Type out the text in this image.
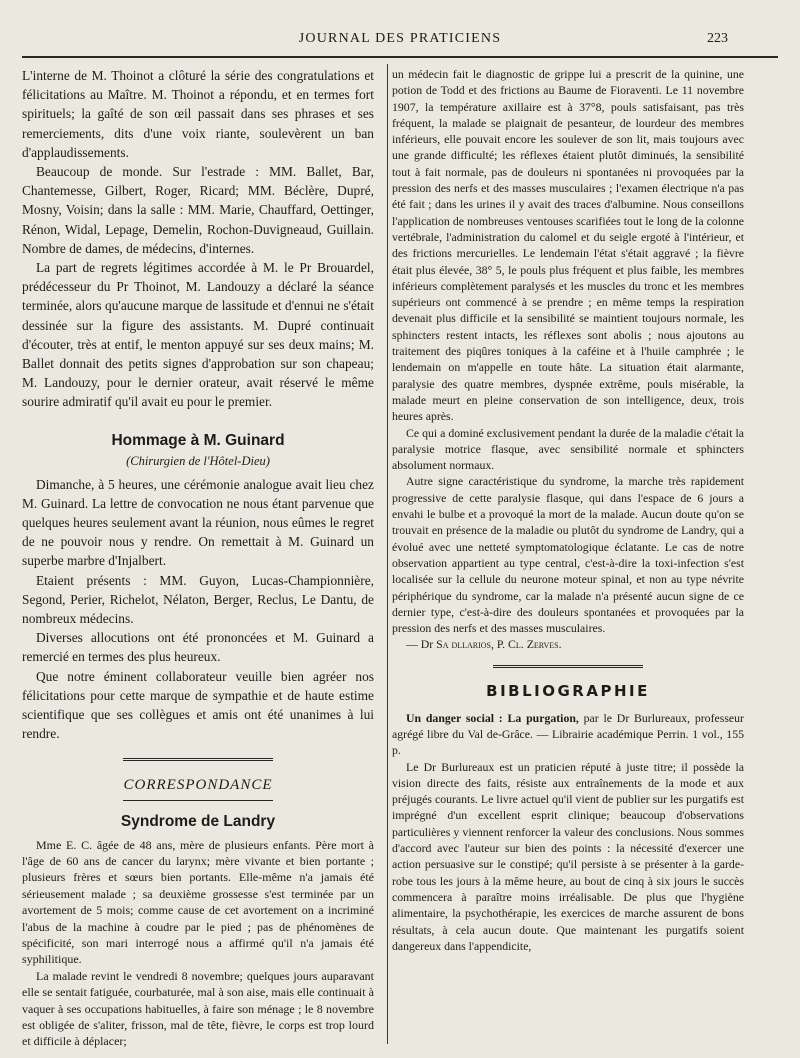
JOURNAL DES PRATICIENS	223

L'interne de M. Thoinot a clôturé la série des congratulations et félicitations au Maître. M. Thoinot a répondu, et en termes fort spirituels; la gaîté de son œil passait dans ses phrases et ses remerciements, dits d'une voix riante, soulevèrent un ban d'applaudissements.

Beaucoup de monde. Sur l'estrade : MM. Ballet, Bar, Chantemesse, Gilbert, Roger, Ricard; MM. Béclère, Dupré, Mosny, Voisin; dans la salle : MM. Marie, Chauffard, Oettinger, Rénon, Widal, Lepage, Demelin, Rochon-Duvigneaud, Guillain. Nombre de dames, de médecins, d'internes.

La part de regrets légitimes accordée à M. le Pr Brouardel, prédécesseur du Pr Thoinot, M. Landouzy a déclaré la séance terminée, alors qu'aucune marque de lassitude et d'ennui ne s'était dessinée sur la figure des assistants. M. Dupré continuait d'écouter, très at entif, le menton appuyé sur ses deux mains; M. Ballet donnait des petits signes d'approbation sur son chapeau; M. Landouzy, pour le dernier orateur, avait réservé le même sourire admiratif qu'il avait eu pour le premier.

Hommage à M. Guinard
(Chirurgien de l'Hôtel-Dieu)

Dimanche, à 5 heures, une cérémonie analogue avait lieu chez M. Guinard. La lettre de convocation ne nous étant parvenue que quelques heures seulement avant la réunion, nous eûmes le regret de ne pouvoir nous y rendre. On remettait à M. Guinard un superbe marbre d'Injalbert.

Etaient présents : MM. Guyon, Lucas-Championnière, Segond, Perier, Richelot, Nélaton, Berger, Reclus, Le Dantu, de nombreux médecins.

Diverses allocutions ont été prononcées et M. Guinard a remercié en termes des plus heureux.

Que notre éminent collaborateur veuille bien agréer nos félicitations pour cette marque de sympathie et de haute estime scientifique que ses collègues et amis ont été unanimes à lui rendre.

CORRESPONDANCE
Syndrome de Landry

Mme E. C. âgée de 48 ans, mère de plusieurs enfants. Père mort à l'âge de 60 ans de cancer du larynx; mère vivante et bien portante ; plusieurs frères et sœurs bien portants. Elle-même n'a jamais été sérieusement malade ; sa deuxième grossesse s'est terminée par un avortement de 5 mois; comme cause de cet avortement on a incriminé l'abus de la machine à coudre par le pied ; pas de phénomènes de spécificité, son mari interrogé nous a affirmé qu'il n'a jamais été syphilitique.

La malade revint le vendredi 8 novembre; quelques jours auparavant elle se sentait fatiguée, courbaturée, mal à son aise, mais elle continuait à vaquer à ses occupations habituelles, à faire son ménage ; le 8 novembre est obligée de s'aliter, frisson, mal de tête, fièvre, le corps est trop lourd et difficile à déplacer;

un médecin fait le diagnostic de grippe lui a prescrit de la quinine, une potion de Todd et des frictions au Baume de Fioraventi. Le 11 novembre 1907, la température axillaire est à 37°8, pouls satisfaisant, pas très fréquent, la malade se plaignait de pesanteur, de lourdeur des membres inférieurs, elle pouvait encore les soulever de son lit, mais toujours avec une grande difficulté; les réflexes étaient plutôt diminués, la sensibilité tout à fait normale, pas de douleurs ni spontanées ni provoquées par la pression des nerfs et des masses musculaires ; l'examen électrique n'a pas été fait ; dans les urines il y avait des traces d'albumine. Nous conseillons l'application de nombreuses ventouses scarifiées tout le long de la colonne vertébrale, l'administration du calomel et du seigle ergoté à l'intérieur, et des frictions mercurielles. Le lendemain l'état s'était aggravé ; la fièvre était plus élevée, 38° 5, le pouls plus fréquent et plus faible, les membres inférieurs complètement paralysés et les muscles du tronc et les membres supérieurs ont commencé à se prendre ; en même temps la respiration devenait plus difficile et la sensibilité se maintient toujours normale, les sphincters restent intacts, les réflexes sont abolis ; nous ajoutons au traitement des piqûres toniques à la caféine et à l'huile camphrée ; le lendemain on m'appelle en toute hâte. La situation était alarmante, paralysie des quatre membres, dyspnée extrême, pouls misérable, la malade meurt en pleine conservation de son intelligence, deux, trois heures après.

Ce qui a dominé exclusivement pendant la durée de la maladie c'était la paralysie motrice flasque, avec sensibilité normale et sphincters absolument normaux.

Autre signe caractéristique du syndrome, la marche très rapidement progressive de cette paralysie flasque, qui dans l'espace de 6 jours a envahi le bulbe et a provoqué la mort de la malade. Aucun doute qu'on se trouvait en présence de la maladie ou plutôt du syndrome de Landry, qui a évolué avec une netteté symptomatologique éclatante. Le cas de notre observation appartient au type central, c'est-à-dire la toxi-infection s'est localisée sur la cellule du neurone moteur spinal, et non au type névrite périphérique du syndrome, car la malade n'a présenté aucun signe de ce dernier type, c'est-à-dire des douleurs spontanées et provoquées par la pression des nerfs et des masses musculaires.

— Dr Sa dllarios, P. Cl. Zerves.

BIBLIOGRAPHIE

Un danger social : La purgation, par le Dr Burlureaux, professeur agrégé libre du Val de-Grâce. — Librairie académique Perrin. 1 vol., 155 p.

Le Dr Burlureaux est un praticien réputé à juste titre; il possède la vision directe des faits, résiste aux entraînements de la mode et aux préjugés courants. Le livre actuel qu'il vient de publier sur les purgatifs est imprégné d'un excellent esprit clinique; beaucoup d'observations particulières y viennent renforcer la valeur des conclusions. Nous sommes d'accord avec l'auteur sur bien des points : la nécessité d'exercer une action persuasive sur le constipé; qu'il persiste à se présenter à la garde-robe tous les jours à la même heure, au bout de cinq à six jours le succès commencera à paraître moins irréalisable. De plus que l'hygiène alimentaire, la psychothérapie, les exercices de marche assurent de bons résultats, à cela aucun doute. Que maintenant les purgatifs soient dangereux dans l'appendicite,
